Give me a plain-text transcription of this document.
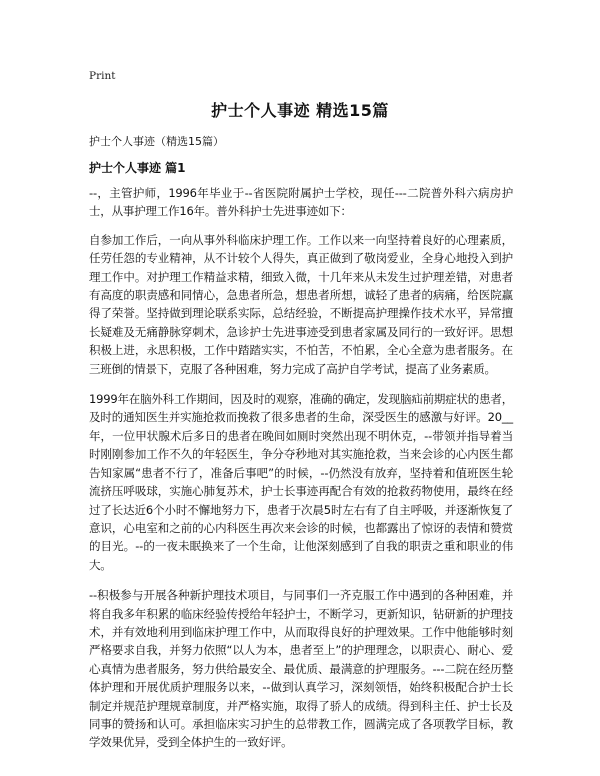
Print
护士个人事迹 精选15篇
护士个人事迹（精选15篇）
护士个人事迹 篇1

--，主管护师，1996年毕业于--省医院附属护士学校，现任---二院普外科六病房护士，从事护理工作16年。普外科护士先进事迹如下：

自参加工作后，一向从事外科临床护理工作。工作以来一向坚持着良好的心理素质，任劳任怨的专业精神，从不计较个人得失，真正做到了敬岗爱业，全身心地投入到护理工作中。对护理工作精益求精，细致入微，十几年来从未发生过护理差错，对患者有高度的职责感和同情心，急患者所急，想患者所想，诚轻了患者的病痛，给医院赢得了荣誉。坚持做到理论联系实际，总结经验，不断提高护理操作技术水平，异常擅长疑难及无痛静脉穿刺术，急诊护士先进事迹受到患者家属及同行的一致好评。思想积极上进，永思积极，工作中踏踏实实，不怕苦，不怕累，全心全意为患者服务。在三班倒的情景下，克服了各种困难，努力完成了高护自学考试，提高了业务素质。

1999年在脑外科工作期间，因及时的观察，准确的确定，发现脑疝前期症状的患者，及时的通知医生并实施抢救而挽救了很多患者的生命，深受医生的感激与好评。20__年，一位甲状腺术后多日的患者在晚间如厕时突然出现不明休克，--带领并指导着当时刚刚参加工作不久的年轻医生，争分夺秒地对其实施抢救，当来会诊的心内医生都告知家属“患者不行了，准备后事吧”的时候，--仍然没有放弃，坚持着和值班医生轮流挤压呼吸球，实施心肺复苏术，护士长事迹再配合有效的抢救药物使用，最终在经过了长达近6个小时不懈地努力下，患者于次晨5时左右有了自主呼吸，并逐渐恢复了意识，心电室和之前的心内科医生再次来会诊的时候，也都露出了惊讶的表情和赞赏的目光。--的一夜未眠换来了一个生命，让他深刻感到了自我的职责之重和职业的伟大。

--积极参与开展各种新护理技术项目，与同事们一齐克服工作中遇到的各种困难，并将自我多年积累的临床经验传授给年轻护士，不断学习，更新知识，钻研新的护理技术，并有效地利用到临床护理工作中，从而取得良好的护理效果。工作中他能够时刻严格要求自我，并努力依照“以人为本，患者至上”的护理理念，以职责心、耐心、爱心真情为患者服务，努力供给最安全、最优质、最满意的护理服务。---二院在经历整体护理和开展优质护理服务以来，--做到认真学习，深刻领悟，始终积极配合护士长制定并规范护理规章制度，并严格实施，取得了骄人的成绩。得到科主任、护士长及同事的赞扬和认可。承担临床实习护生的总带教工作，圆满完成了各项教学目标，教学效果优异，受到全体护生的一致好评。
